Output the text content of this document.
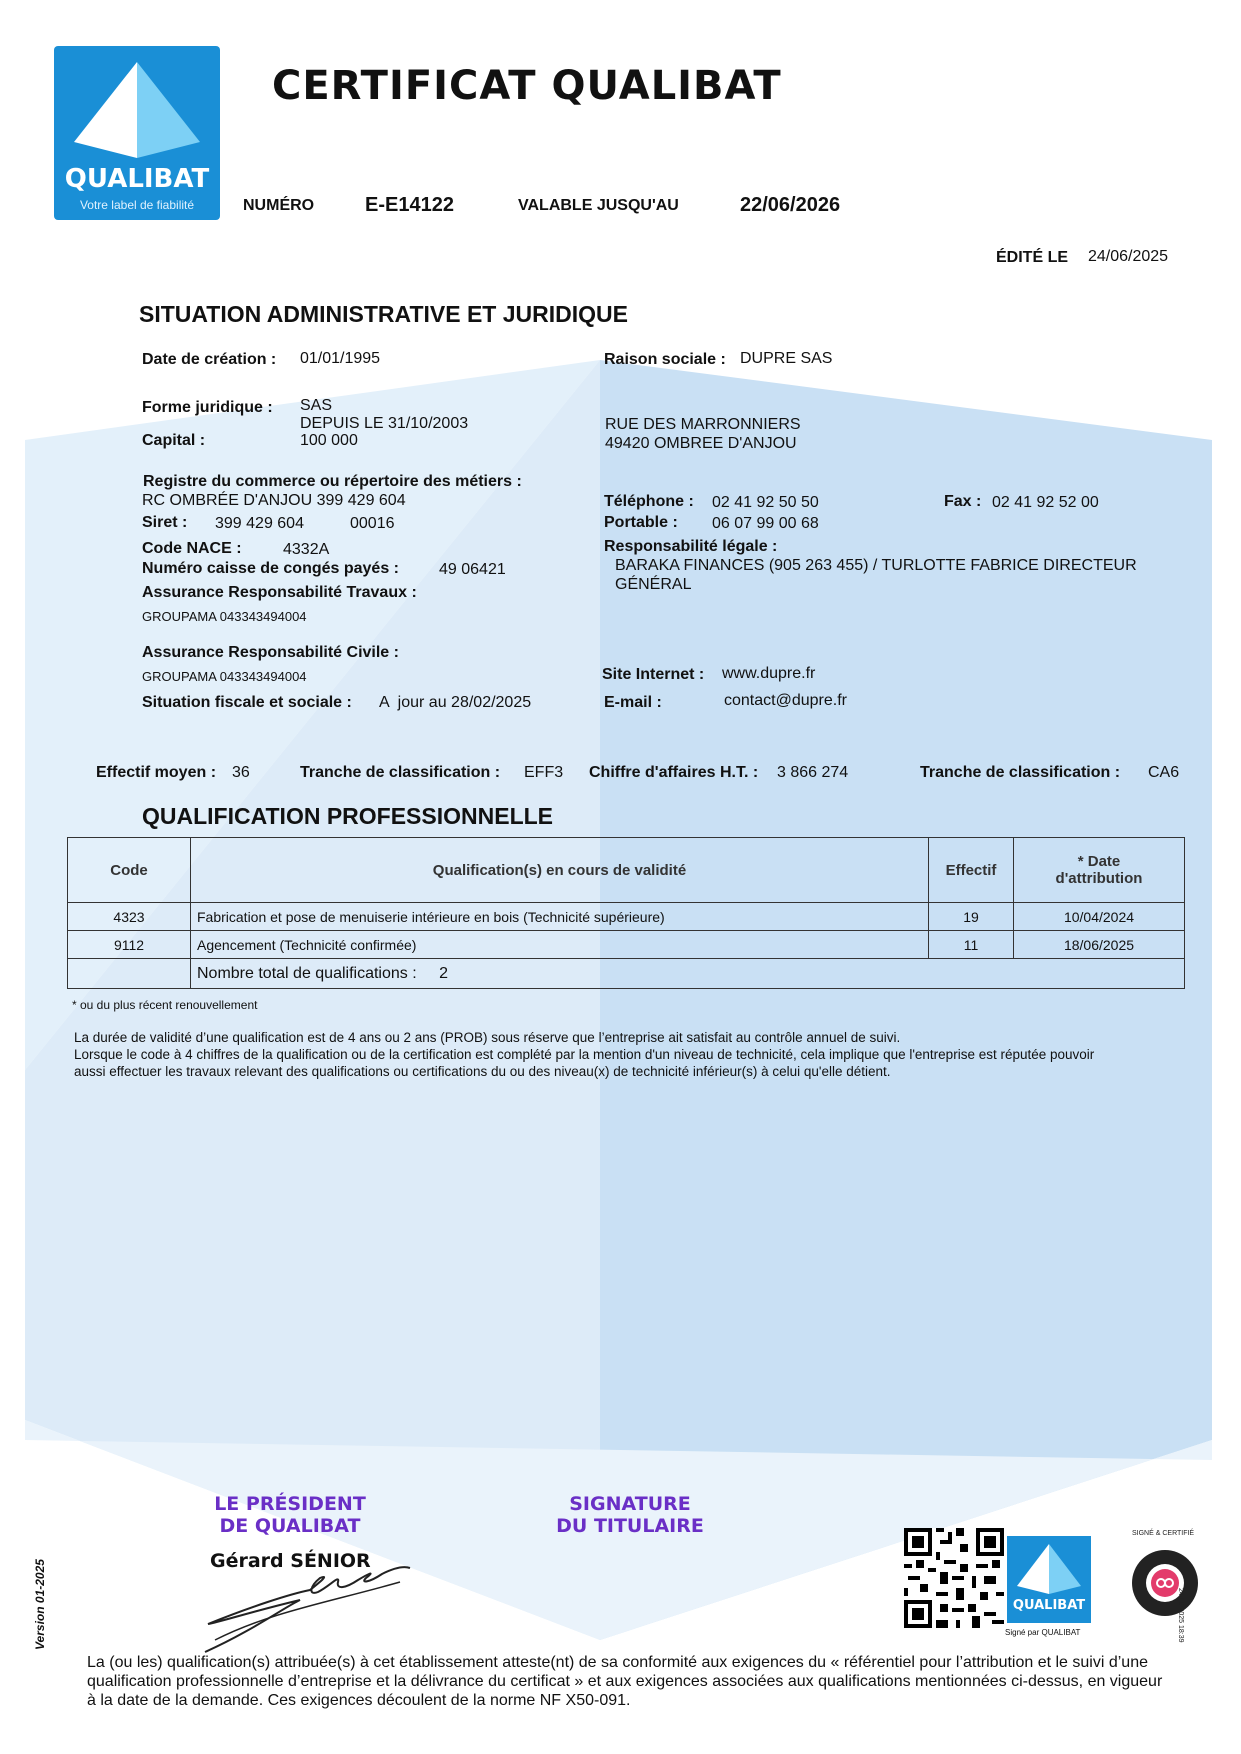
QUALIBAT
Votre label de fiabilité
CERTIFICAT QUALIBAT
NUMÉRO	E-E14122	VALABLE JUSQU'AU	22/06/2026
ÉDITÉ LE 24/06/2025
SITUATION ADMINISTRATIVE ET JURIDIQUE
Date de création : 01/01/1995
Forme juridique : SAS
DEPUIS LE 31/10/2003
Capital :	100 000
Registre du commerce ou répertoire des métiers :
RC OMBRÉE D'ANJOU 399 429 604
Siret : 399 429 604	00016
Code NACE :	4332A
Numéro caisse de congés payés :	49 06421
Assurance Responsabilité Travaux :
GROUPAMA 043343494004
Assurance Responsabilité Civile :
GROUPAMA 043343494004
Situation fiscale et sociale : A  jour au 28/02/2025
Raison sociale : DUPRE SAS
RUE DES MARRONNIERS
49420 OMBREE D'ANJOU
Téléphone : 02 41 92 50 50	Fax : 02 41 92 52 00
Portable : 06 07 99 00 68
Responsabilité légale :
BARAKA FINANCES (905 263 455) / TURLOTTE FABRICE DIRECTEUR
GÉNÉRAL
Site Internet : www.dupre.fr
E-mail :	contact@dupre.fr
Effectif moyen : 36	Tranche de classification : EFF3 Chiffre d'affaires H.T. : 3 866 274	Tranche de classification : CA6
QUALIFICATION PROFESSIONNELLE
Code	Qualification(s) en cours de validité	Effectif	* Date
d'attribution

4323	Fabrication et pose de menuiserie intérieure en bois (Technicité supérieure)	19	10/04/2024
9112	Agencement (Technicité confirmée)	11	18/06/2025
	Nombre total de qualifications : 2		
* ou du plus récent renouvellement
La durée de validité d’une qualification est de 4 ans ou 2 ans (PROB) sous réserve que l’entreprise ait satisfait au contrôle annuel de suivi.
Lorsque le code à 4 chiffres de la qualification ou de la certification est complété par la mention d'un niveau de technicité, cela implique que l'entreprise est réputée pouvoir
aussi effectuer les travaux relevant des qualifications ou certifications du ou des niveau(x) de technicité inférieur(s) à celui qu'elle détient.
LE PRÉSIDENT
DE QUALIBAT
Gérard SÉNIOR
SIGNATURE
DU TITULAIRE
QUALIBAT
Signé par QUALIBAT
SIGNÉ & CERTIFIÉ
24/06/2025 18:39
Version 01-2025
La (ou les) qualification(s) attribuée(s) à cet établissement atteste(nt) de sa conformité aux exigences du « référentiel pour l’attribution et le suivi d’une
qualification professionnelle d’entreprise et la délivrance du certificat » et aux exigences associées aux qualifications mentionnées ci-dessus, en vigueur
à la date de la demande. Ces exigences découlent de la norme NF X50-091.
